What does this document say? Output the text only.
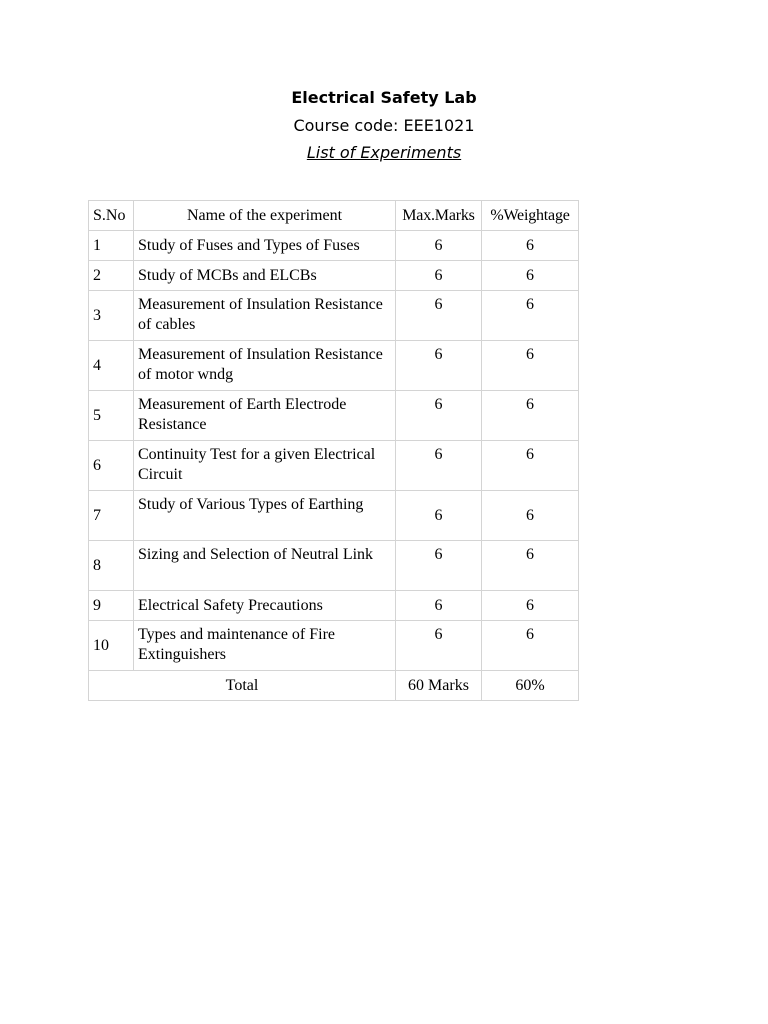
Electrical Safety Lab
Course code: EEE1021
List of Experiments
S.No	Name of the experiment	Max.Marks	%Weightage
1	Study of Fuses and Types of Fuses	6	6
2	Study of MCBs and ELCBs	6	6
3	Measurement of Insulation Resistance of cables	6	6
4	Measurement of Insulation Resistance of motor wndg	6	6
5	Measurement of Earth Electrode Resistance	6	6
6	Continuity Test for a given Electrical Circuit	6	6
7	Study of Various Types of Earthing	6	6
8	Sizing and Selection of Neutral Link	6	6
9	Electrical Safety Precautions	6	6
10	Types and maintenance of Fire Extinguishers	6	6
Total		60 Marks	60%
